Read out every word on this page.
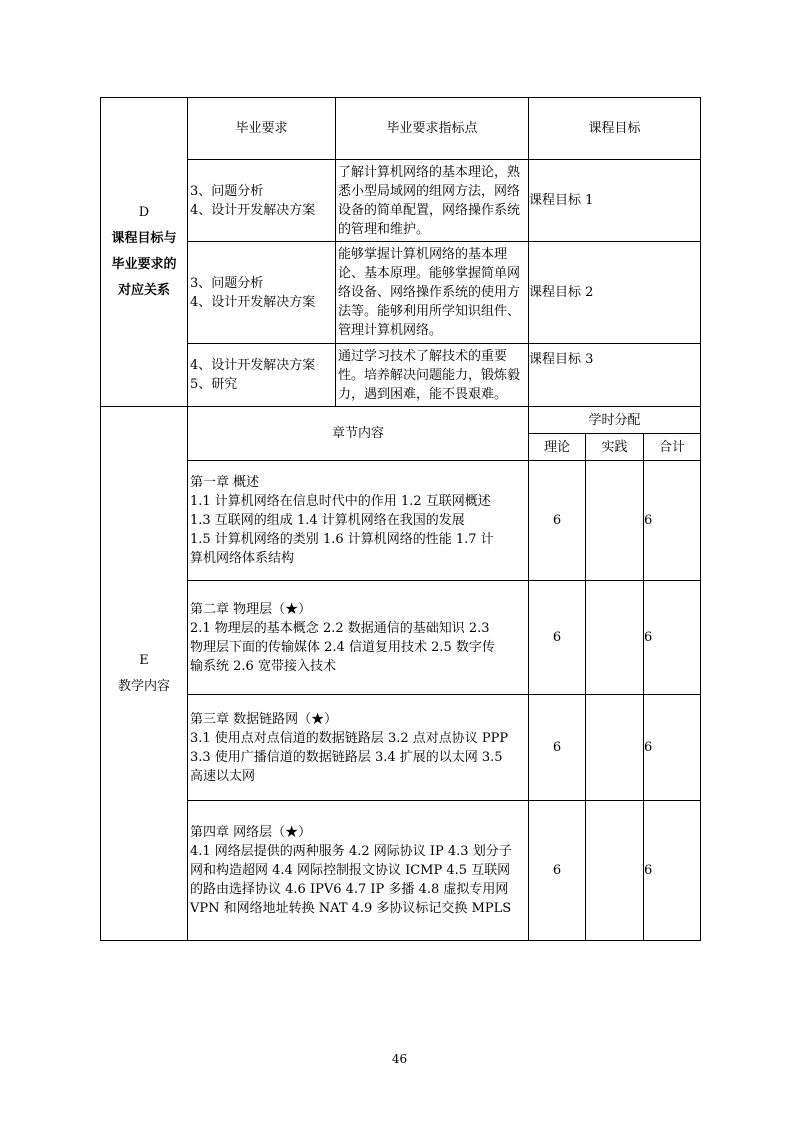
D
课程目标与
毕业要求的
对应关系	毕业要求	毕业要求指标点	课程目标		

	3、问题分析
4、设计开发解决方案	了解计算机网络的基本理论，熟
悉小型局域网的组网方法，网络
设备的简单配置，网络操作系统
的管理和维护。	课程目标 1		

	3、问题分析
4、设计开发解决方案	能够掌握计算机网络的基本理
论、基本原理。能够掌握简单网
络设备、网络操作系统的使用方
法等。能够利用所学知识组件、
管理计算机网络。	课程目标 2		

	4、设计开发解决方案
5、研究	通过学习技术了解技术的重要
性。培养解决问题能力，锻炼毅
力，遇到困难，能不畏艰难。	课程目标 3		

E
教学内容	章节内容		学时分配		
			理论	实践	合计

	第一章 概述
1.1 计算机网络在信息时代中的作用 1.2 互联网概述
1.3 互联网的组成 1.4 计算机网络在我国的发展
1.5 计算机网络的类别 1.6 计算机网络的性能 1.7 计
算机网络体系结构		6		6

	第二章 物理层（★）
2.1 物理层的基本概念 2.2 数据通信的基础知识 2.3
物理层下面的传输媒体 2.4 信道复用技术 2.5 数字传
输系统 2.6 宽带接入技术		6		6

	第三章 数据链路网（★）
3.1 使用点对点信道的数据链路层 3.2 点对点协议 PPP
3.3 使用广播信道的数据链路层 3.4 扩展的以太网 3.5
高速以太网		6		6

	第四章 网络层（★）
4.1 网络层提供的两种服务 4.2 网际协议 IP 4.3 划分子
网和构造超网 4.4 网际控制报文协议 ICMP 4.5 互联网
的路由选择协议 4.6 IPV6 4.7 IP 多播 4.8 虚拟专用网
VPN 和网络地址转换 NAT 4.9 多协议标记交换 MPLS		6		6
46
